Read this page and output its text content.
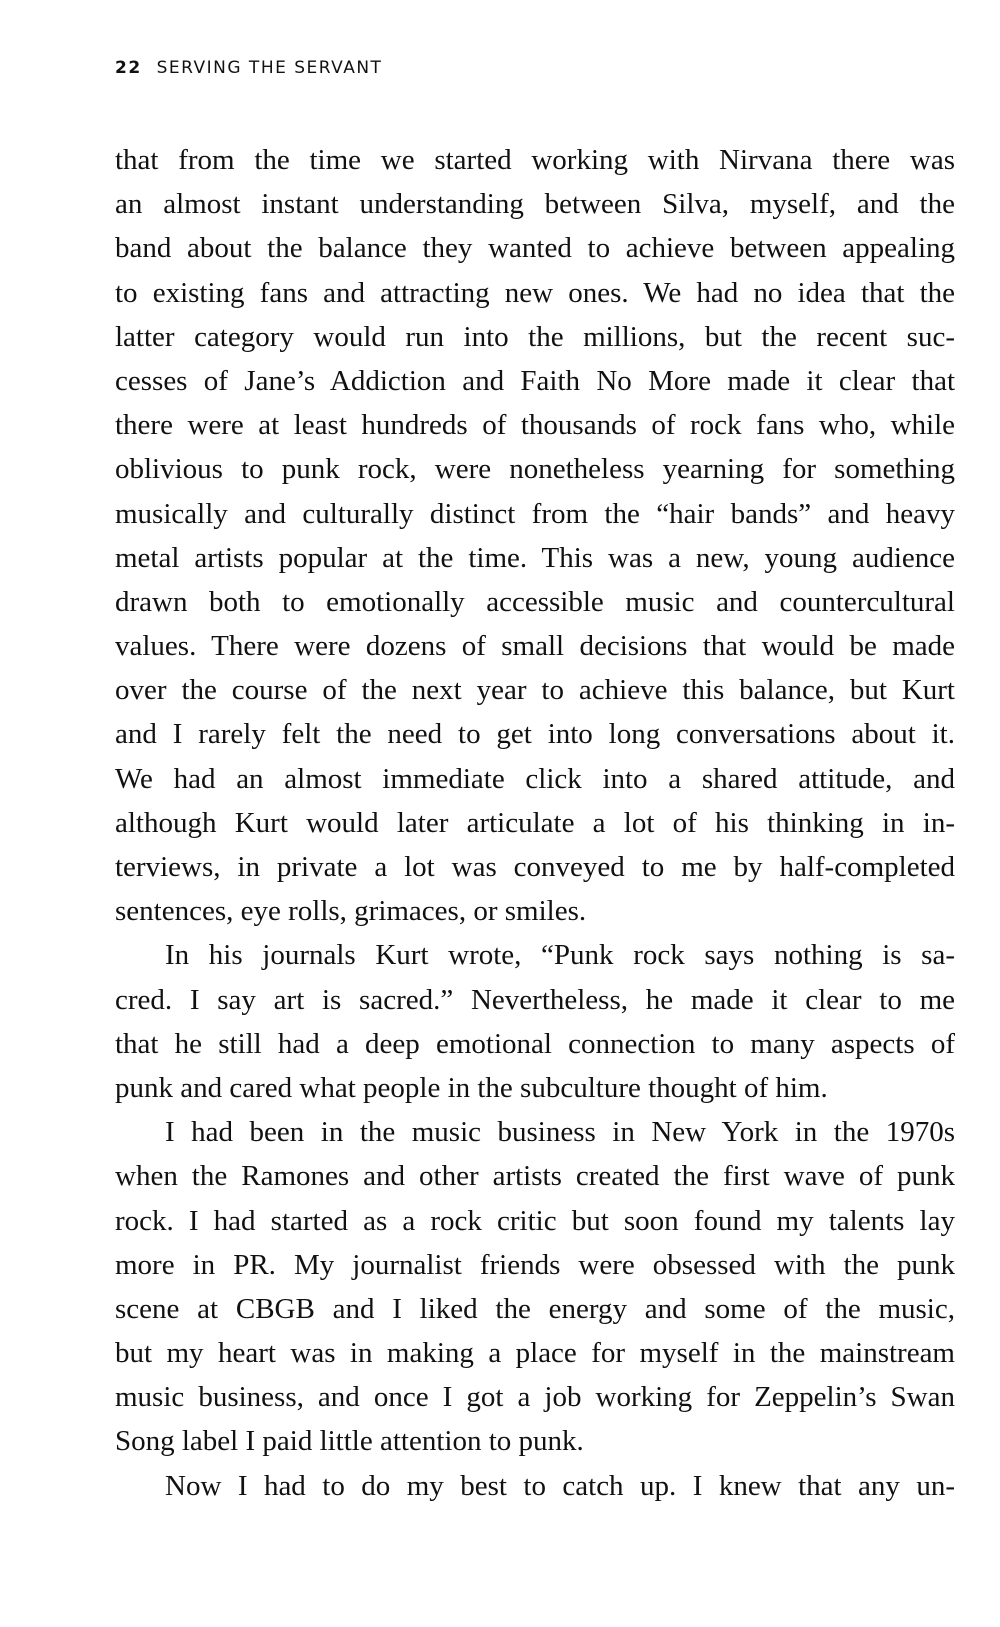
22 SERVING THE SERVANT
that from the time we started working with Nirvana there was
an almost instant understanding between Silva, myself, and the
band about the balance they wanted to achieve between appealing
to existing fans and attracting new ones. We had no idea that the
latter category would run into the millions, but the recent suc-
cesses of Jane’s Addiction and Faith No More made it clear that
there were at least hundreds of thousands of rock fans who, while
oblivious to punk rock, were nonetheless yearning for something
musically and culturally distinct from the “hair bands” and heavy
metal artists popular at the time. This was a new, young audience
drawn both to emotionally accessible music and countercultural
values. There were dozens of small decisions that would be made
over the course of the next year to achieve this balance, but Kurt
and I rarely felt the need to get into long conversations about it.
We had an almost immediate click into a shared attitude, and
although Kurt would later articulate a lot of his thinking in in-
terviews, in private a lot was conveyed to me by half-completed
sentences, eye rolls, grimaces, or smiles.
In his journals Kurt wrote, “Punk rock says nothing is sa-
cred. I say art is sacred.” Nevertheless, he made it clear to me
that he still had a deep emotional connection to many aspects of
punk and cared what people in the subculture thought of him.
I had been in the music business in New York in the 1970s
when the Ramones and other artists created the first wave of punk
rock. I had started as a rock critic but soon found my talents lay
more in PR. My journalist friends were obsessed with the punk
scene at CBGB and I liked the energy and some of the music,
but my heart was in making a place for myself in the mainstream
music business, and once I got a job working for Zeppelin’s Swan
Song label I paid little attention to punk.
Now I had to do my best to catch up. I knew that any un-
